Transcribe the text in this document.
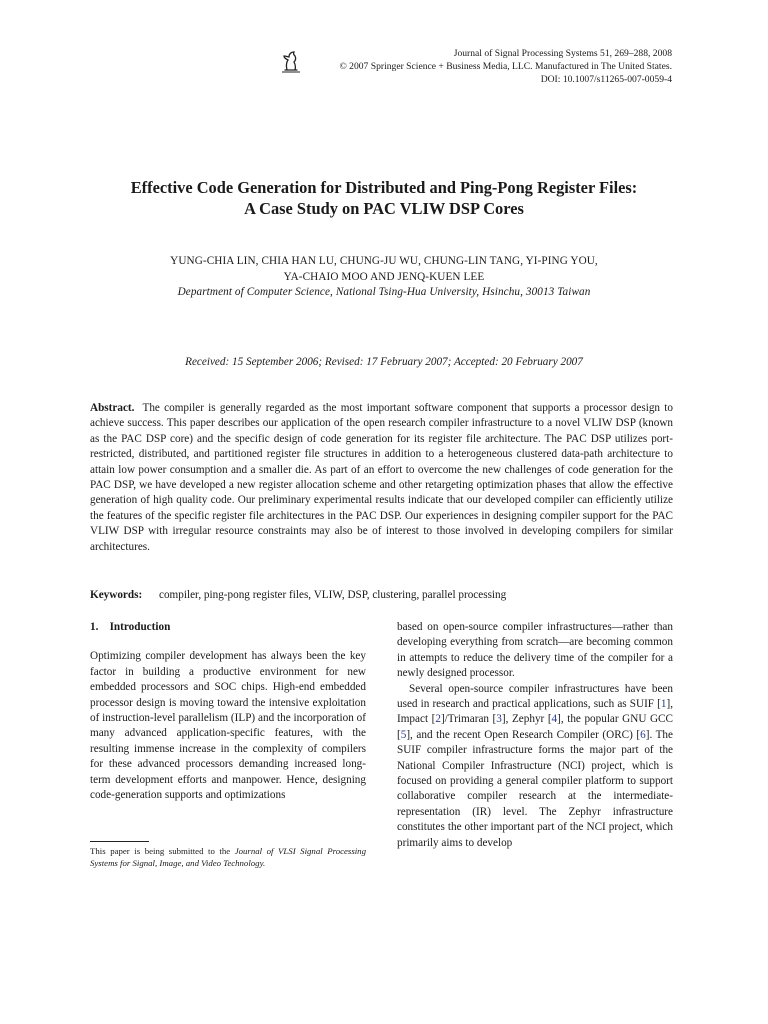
Journal of Signal Processing Systems 51, 269–288, 2008
© 2007 Springer Science + Business Media, LLC. Manufactured in The United States.
DOI: 10.1007/s11265-007-0059-4
Effective Code Generation for Distributed and Ping-Pong Register Files:
A Case Study on PAC VLIW DSP Cores
YUNG-CHIA LIN, CHIA HAN LU, CHUNG-JU WU, CHUNG-LIN TANG, YI-PING YOU,
YA-CHAIO MOO AND JENQ-KUEN LEE
Department of Computer Science, National Tsing-Hua University, Hsinchu, 30013 Taiwan
Received: 15 September 2006; Revised: 17 February 2007; Accepted: 20 February 2007
Abstract. The compiler is generally regarded as the most important software component that supports a processor design to achieve success. This paper describes our application of the open research compiler infrastructure to a novel VLIW DSP (known as the PAC DSP core) and the specific design of code generation for its register file architecture. The PAC DSP utilizes port-restricted, distributed, and partitioned register file structures in addition to a heterogeneous clustered data-path architecture to attain low power consumption and a smaller die. As part of an effort to overcome the new challenges of code generation for the PAC DSP, we have developed a new register allocation scheme and other retargeting optimization phases that allow the effective generation of high quality code. Our preliminary experimental results indicate that our developed compiler can efficiently utilize the features of the specific register file architectures in the PAC DSP. Our experiences in designing compiler support for the PAC VLIW DSP with irregular resource constraints may also be of interest to those involved in developing compilers for similar architectures.
Keywords: compiler, ping-pong register files, VLIW, DSP, clustering, parallel processing

1. Introduction

Optimizing compiler development has always been the key factor in building a productive environment for new embedded processors and SOC chips. High-end embedded processor design is moving toward the intensive exploitation of instruction-level parallelism (ILP) and the incorporation of many advanced application-specific features, with the resulting immense increase in the complexity of compilers for these advanced processors demanding increased long-term development efforts and manpower. Hence, designing code-generation supports and optimizations

based on open-source compiler infrastructures—rather than developing everything from scratch—are becoming common in attempts to reduce the delivery time of the compiler for a newly designed processor.

Several open-source compiler infrastructures have been used in research and practical applications, such as SUIF [1], Impact [2]/Trimaran [3], Zephyr [4], the popular GNU GCC [5], and the recent Open Research Compiler (ORC) [6]. The SUIF compiler infrastructure forms the major part of the National Compiler Infrastructure (NCI) project, which is focused on providing a general compiler platform to support collaborative compiler research at the intermediate-representation (IR) level. The Zephyr infrastructure constitutes the other important part of the NCI project, which primarily aims to develop

This paper is being submitted to the Journal of VLSI Signal Processing Systems for Signal, Image, and Video Technology.
